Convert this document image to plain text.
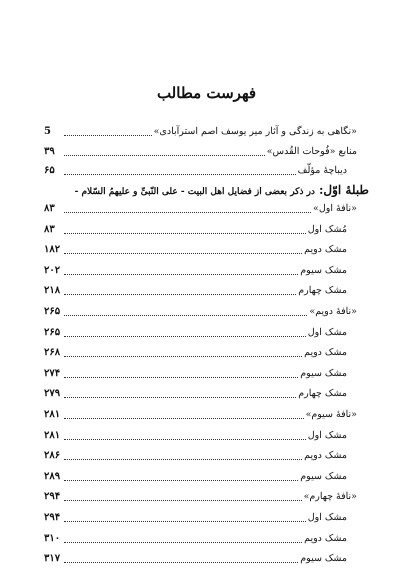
فهرست مطالب
«نگاهی به زندگی و آثار میر یوسف اصم استرآبادی»
5
منابع «فُوحات القُدس»
۳۹
دیباچهٔ مؤلّف
۶۵
طبلهٔ اوّل:
در ذکر بعضی از فضایل اهل البیت - علی النّبیِّ و علیهمُ السّلام -
«نافهٔ اول»
۸۳
مُشک اول
۸۳
مشک دویم
۱۸۲
مشک سیوم
۲۰۲
مشک چهارم
۲۱۸
«نافهٔ دویم»
۲۶۵
مشک اول
۲۶۵
مشک دویم
۲۶۸
مشک سیوم
۲۷۴
مشک چهارم
۲۷۹
«نافهٔ سیوم»
۲۸۱
مشک اول
۲۸۱
مشک دویم
۲۸۶
مشک سیوم
۲۸۹
«نافهٔ چهارم»
۲۹۴
مشک اول
۲۹۴
مشک دویم
۳۱۰
مشک سیوم
۳۱۷
